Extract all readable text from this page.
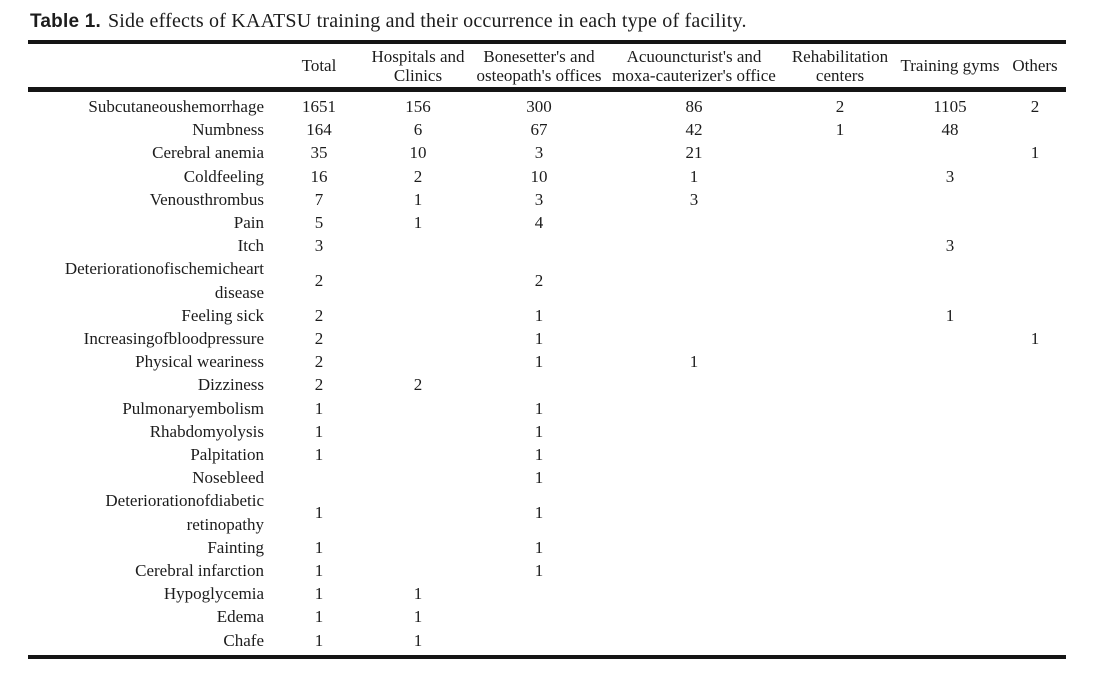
Table 1. Side effects of KAATSU training and their occurrence in each type of facility.
	Total	Hospitals and Clinics	Bonesetter's and osteopath's offices	Acuouncturist's and moxa-cauterizer's office	Rehabilitation centers	Training gyms	Others
Subcutaneoushemorrhage	1651	156	300	86	2	1105	2
Numbness	164	6	67	42	1	48	
Cerebral anemia	35	10	3	21			1
Coldfeeling	16	2	10	1		3	
Venousthrombus	7	1	3	3			
Pain	5	1	4				
Itch	3					3	
Deteriorationofischemicheart disease	2		2				
Feeling sick	2		1			1	
Increasingofbloodpressure	2		1				1
Physical weariness	2		1	1			
Dizziness	2	2					
Pulmonaryembolism	1		1				
Rhabdomyolysis	1		1				
Palpitation	1		1				
Nosebleed			1				
Deteriorationofdiabetic retinopathy	1		1				
Fainting	1		1				
Cerebral infarction	1		1				
Hypoglycemia	1	1					
Edema	1	1					
Chafe	1	1					
